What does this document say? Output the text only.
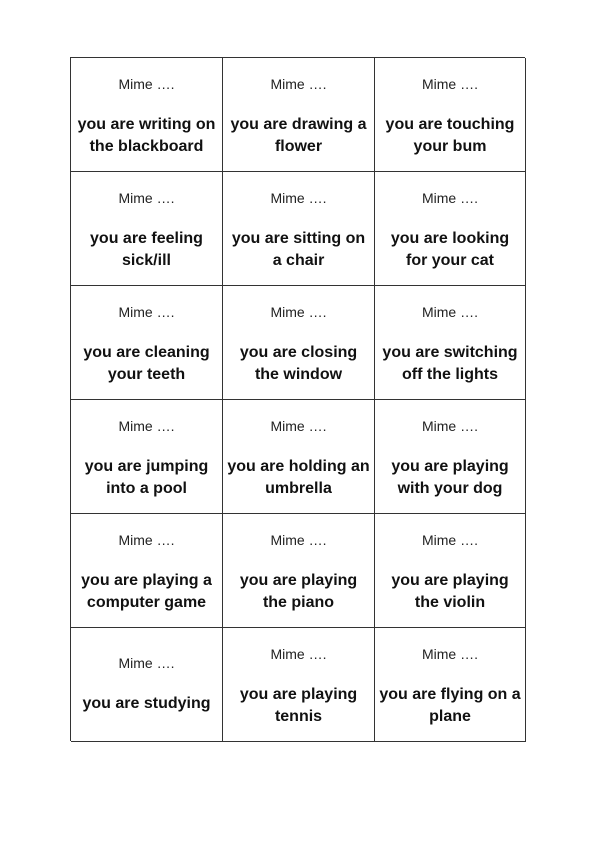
Mime ….
you are writing on the blackboard
Mime ….
you are drawing a flower
Mime ….
you are touching your bum
Mime ….
you are feeling sick/ill
Mime ….
you are sitting on a chair
Mime ….
you are looking for your cat
Mime ….
you are cleaning your teeth
Mime ….
you are closing the window
Mime ….
you are switching off the lights
Mime ….
you are jumping into a pool
Mime ….
you are holding an umbrella
Mime ….
you are playing with your dog
Mime ….
you are playing a computer game
Mime ….
you are playing the piano
Mime ….
you are playing the violin
Mime ….
you are studying
Mime ….
you are playing tennis
Mime ….
you are flying on a plane
